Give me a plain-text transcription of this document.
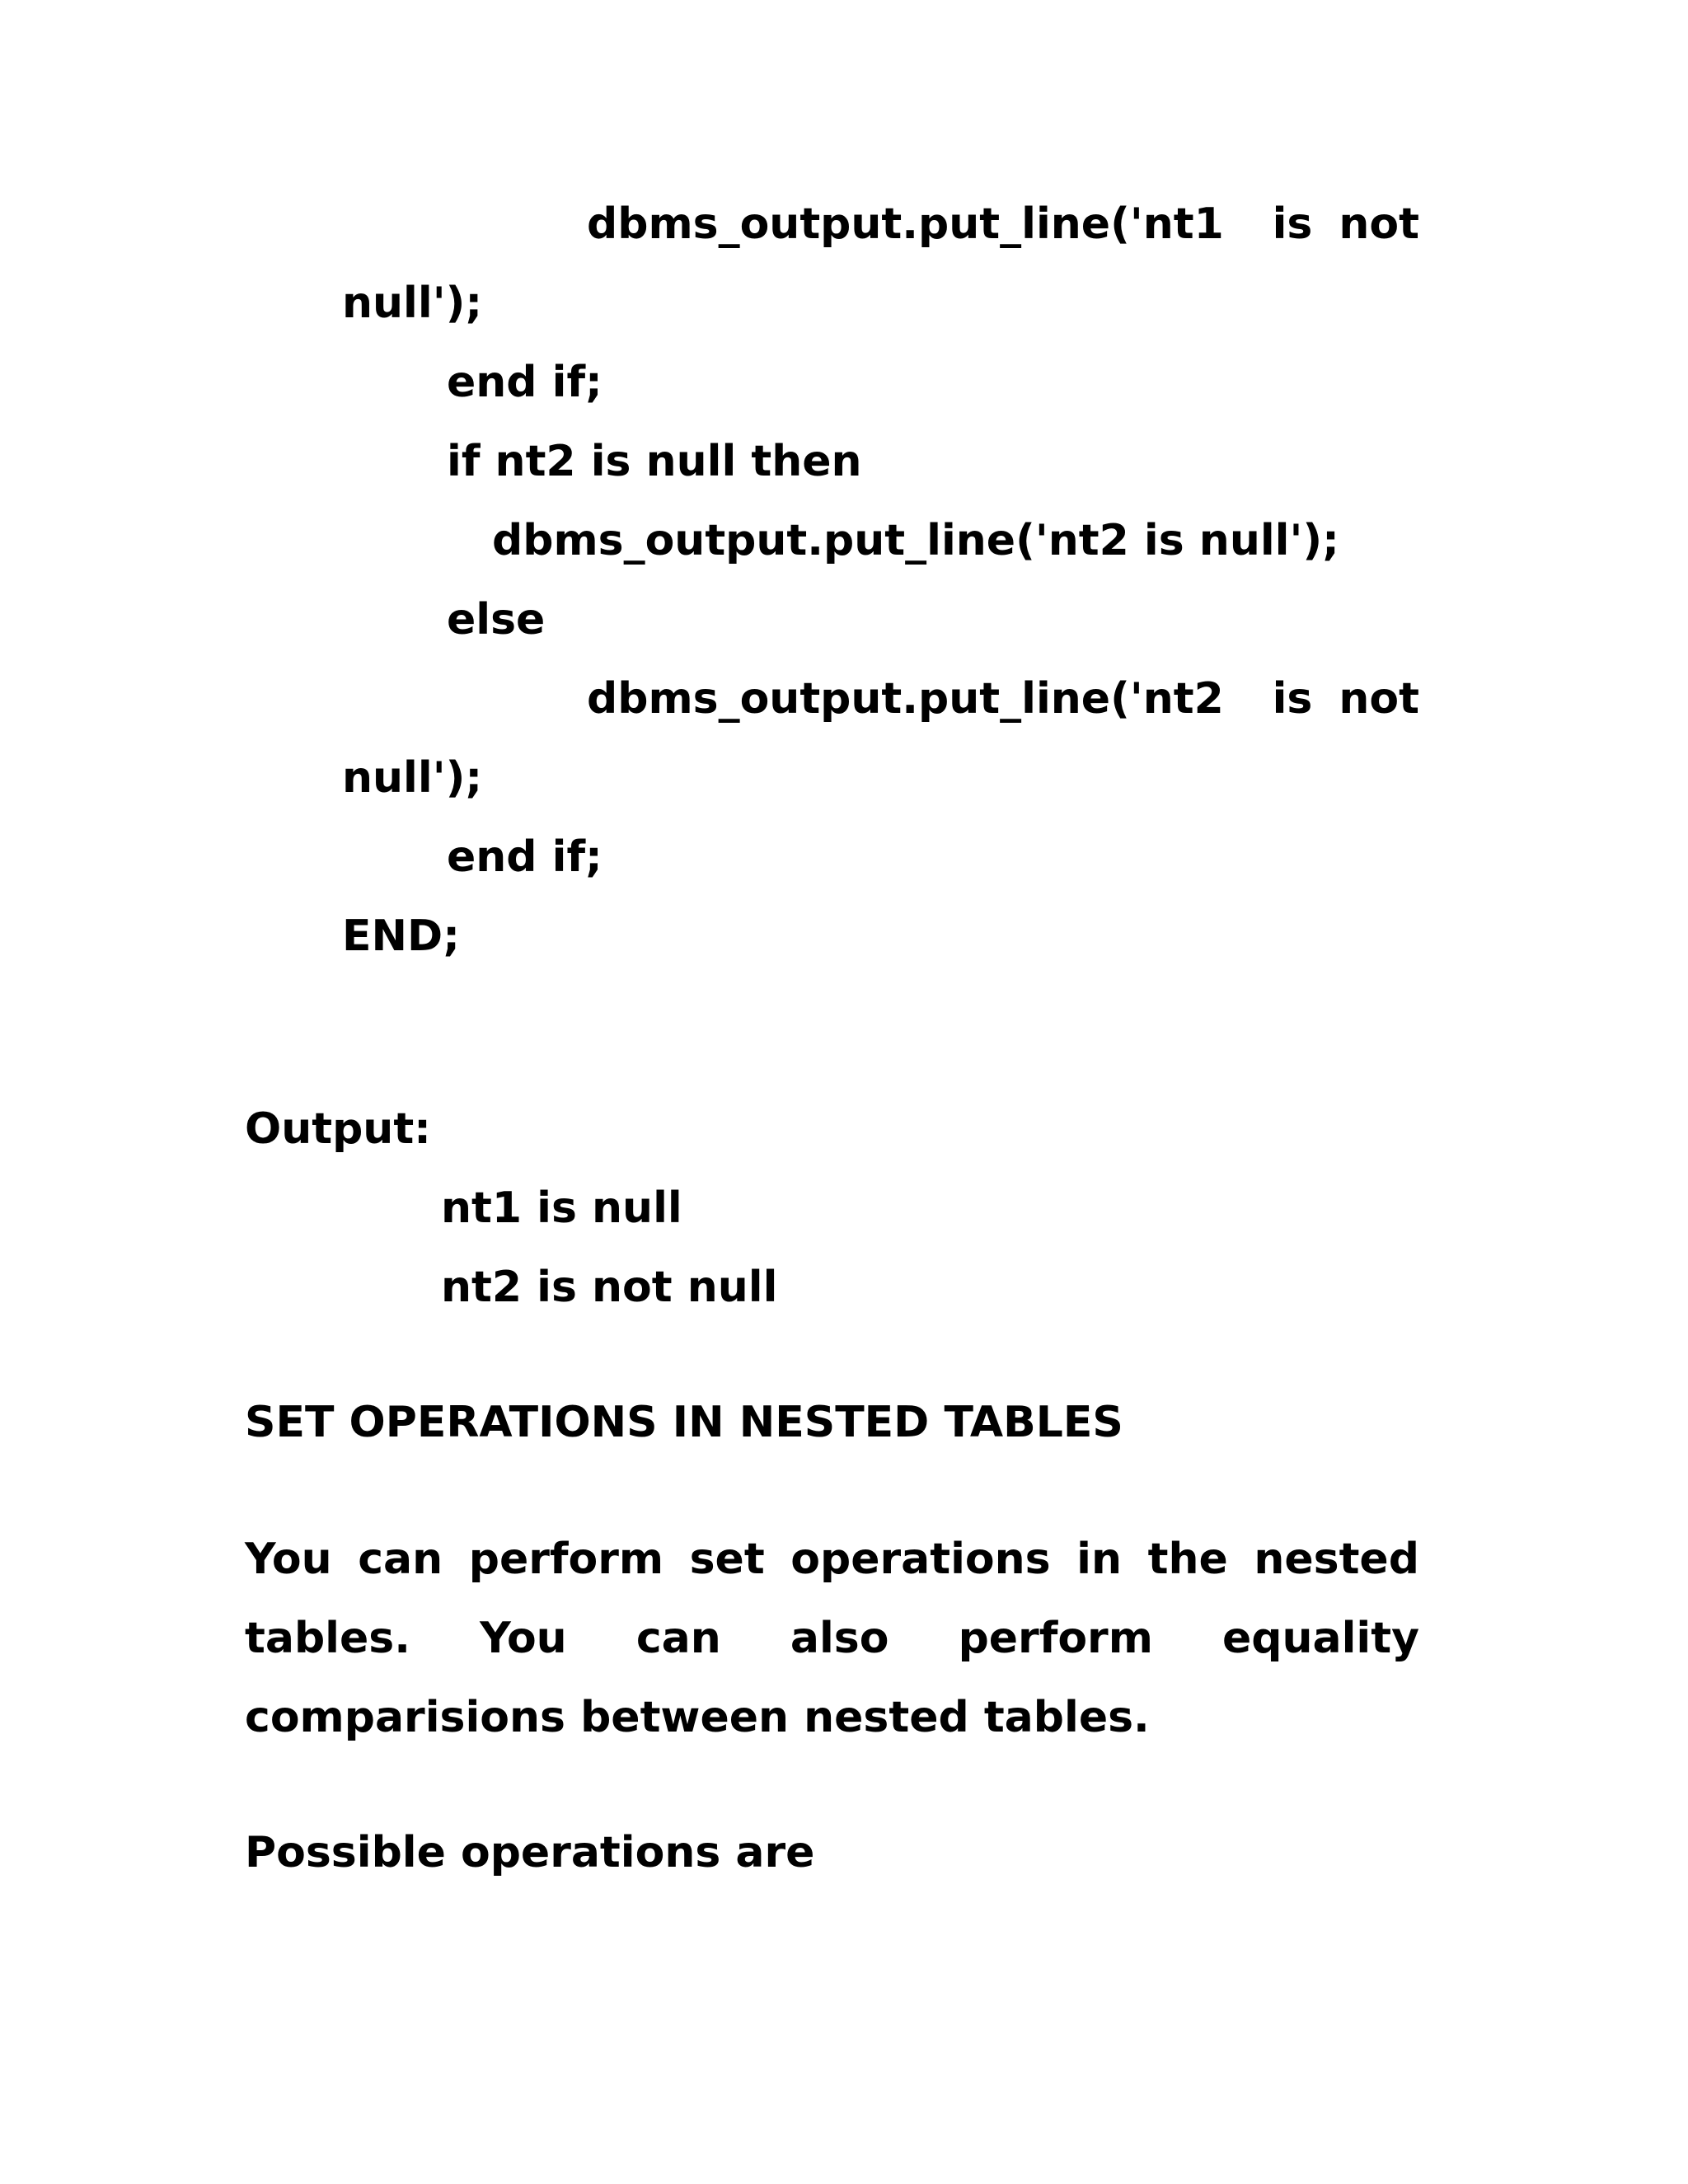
dbms_output.put_line('nt1 is not
null');
end if;
if nt2 is null then
dbms_output.put_line('nt2 is null');
else
dbms_output.put_line('nt2 is not
null');
end if;
END;
Output:
nt1 is null
nt2 is not null
SET OPERATIONS IN NESTED TABLES
You can perform set operations in the nested
tables. You can also perform equality
comparisions between nested tables.
Possible operations are
